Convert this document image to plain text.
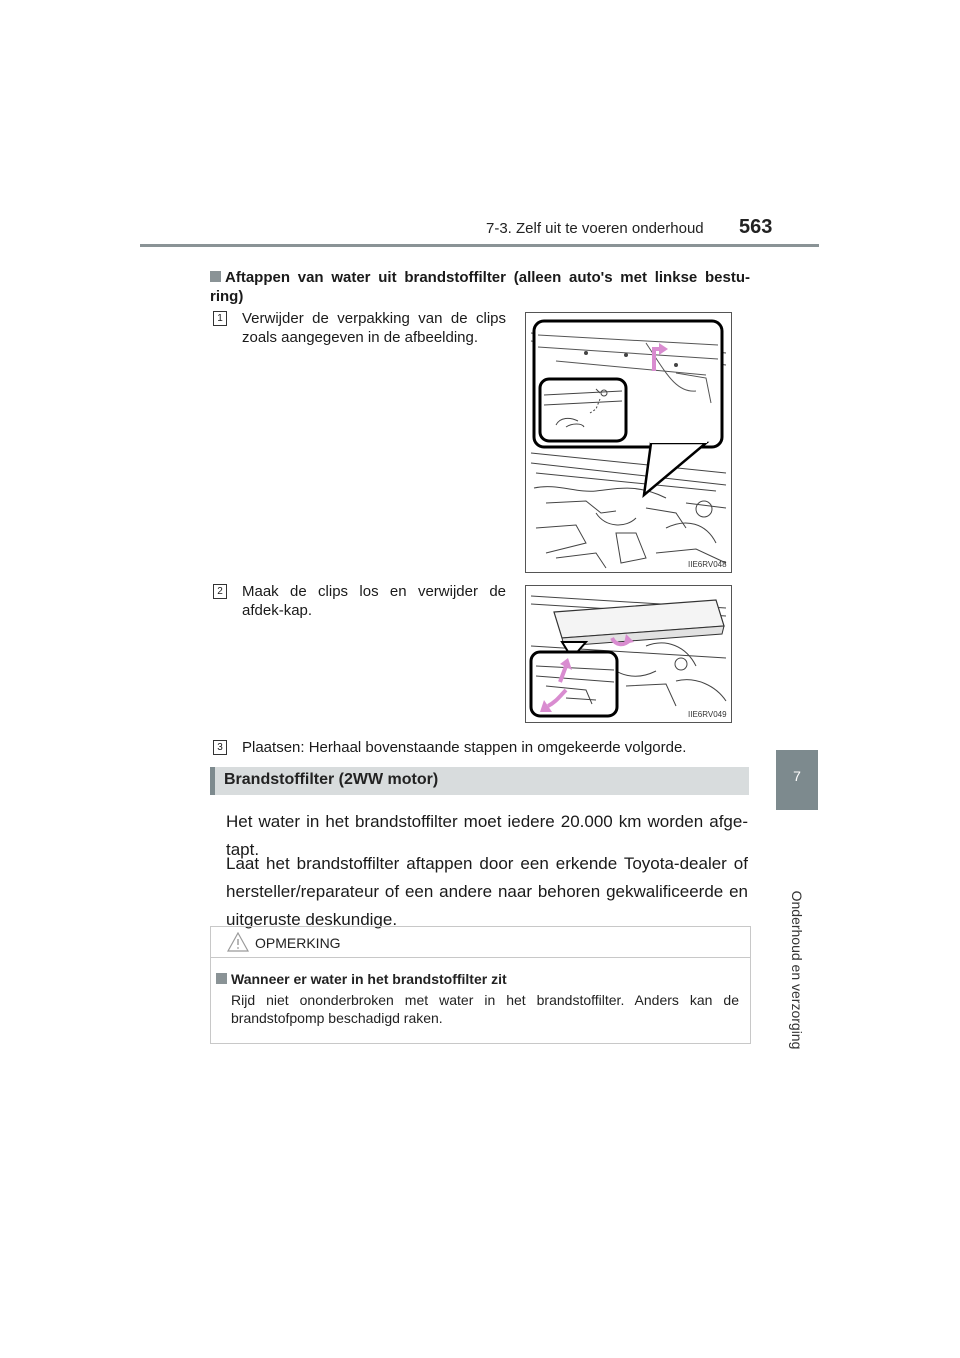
7-3. Zelf uit te voeren onderhoud 563
7
Onderhoud en verzorging
Aftappen van water uit brandstoffilter (alleen auto's met linkse bestu-ring)
1 Verwijder de verpakking van de clips zoals aangegeven in de afbeelding.
IIE6RV048
2 Maak de clips los en verwijder de afdek-kap.
IIE6RV049
3 Plaatsen: Herhaal bovenstaande stappen in omgekeerde volgorde.
Brandstoffilter (2WW motor)
Het water in het brandstoffilter moet iedere 20.000 km worden afge-tapt.
Laat het brandstoffilter aftappen door een erkende Toyota-dealer of hersteller/reparateur of een andere naar behoren gekwalificeerde en uitgeruste deskundige.
OPMERKING
Wanneer er water in het brandstoffilter zit
Rijd niet ononderbroken met water in het brandstoffilter. Anders kan de brandstofpomp beschadigd raken.
